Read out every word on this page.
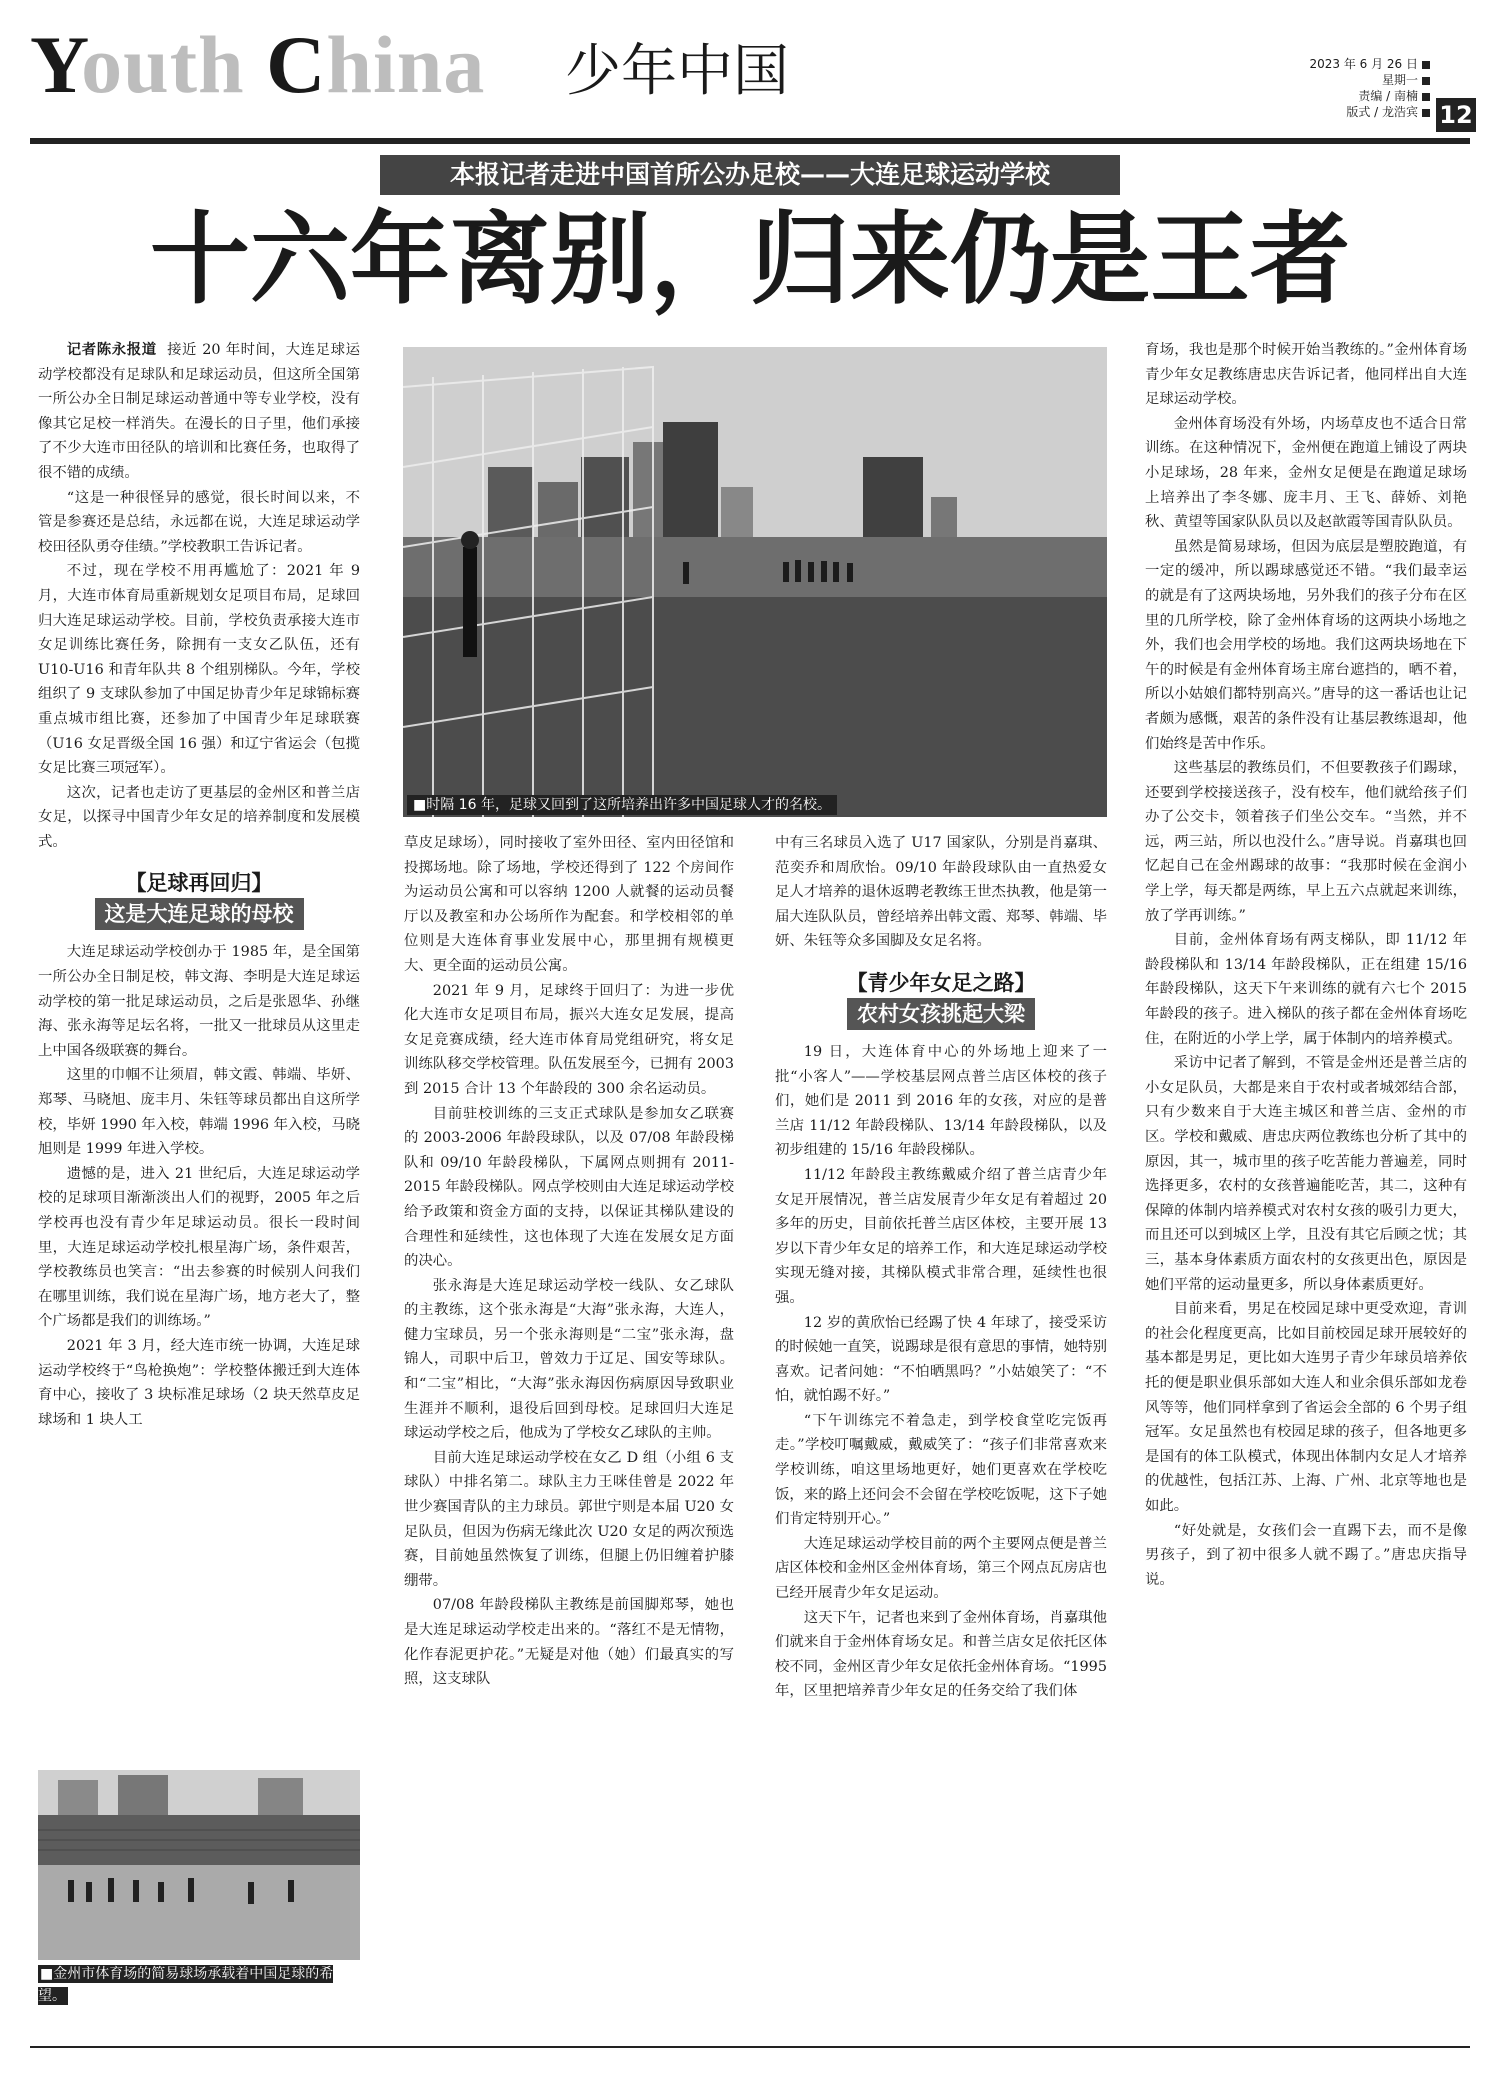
Youth China 少年中国	2023 年 6 月 26 日
星期一
责编 / 南楠
版式 / 龙浩宾 12
本报记者走进中国首所公办足校——大连足球运动学校
十六年离别，归来仍是王者

记者陈永报道 接近 20 年时间，大连足球运动学校都没有足球队和足球运动员，但这所全国第一所公办全日制足球运动普通中等专业学校，没有像其它足校一样消失。在漫长的日子里，他们承接了不少大连市田径队的培训和比赛任务，也取得了很不错的成绩。

“这是一种很怪异的感觉，很长时间以来，不管是参赛还是总结，永远都在说，大连足球运动学校田径队勇夺佳绩。”学校教职工告诉记者。

不过，现在学校不用再尴尬了：2021 年 9 月，大连市体育局重新规划女足项目布局，足球回归大连足球运动学校。目前，学校负责承接大连市女足训练比赛任务，除拥有一支女乙队伍，还有 U10-U16 和青年队共 8 个组别梯队。今年，学校组织了 9 支球队参加了中国足协青少年足球锦标赛重点城市组比赛，还参加了中国青少年足球联赛（U16 女足晋级全国 16 强）和辽宁省运会（包揽女足比赛三项冠军）。

这次，记者也走访了更基层的金州区和普兰店女足，以探寻中国青少年女足的培养制度和发展模式。

【足球再回归】
这是大连足球的母校

大连足球运动学校创办于 1985 年，是全国第一所公办全日制足校，韩文海、李明是大连足球运动学校的第一批足球运动员，之后是张恩华、孙继海、张永海等足坛名将，一批又一批球员从这里走上中国各级联赛的舞台。

这里的巾帼不让须眉，韩文霞、韩端、毕妍、郑琴、马晓旭、庞丰月、朱钰等球员都出自这所学校，毕妍 1990 年入校，韩端 1996 年入校，马晓旭则是 1999 年进入学校。

遗憾的是，进入 21 世纪后，大连足球运动学校的足球项目渐渐淡出人们的视野，2005 年之后学校再也没有青少年足球运动员。很长一段时间里，大连足球运动学校扎根星海广场，条件艰苦，学校教练员也笑言：“出去参赛的时候别人问我们在哪里训练，我们说在星海广场，地方老大了，整个广场都是我们的训练场。”

2021 年 3 月，经大连市统一协调，大连足球运动学校终于“鸟枪换炮”：学校整体搬迁到大连体育中心，接收了 3 块标准足球场（2 块天然草皮足球场和 1 块人工

■时隔 16 年，足球又回到了这所培养出许多中国足球人才的名校。

草皮足球场），同时接收了室外田径、室内田径馆和投掷场地。除了场地，学校还得到了 122 个房间作为运动员公寓和可以容纳 1200 人就餐的运动员餐厅以及教室和办公场所作为配套。和学校相邻的单位则是大连体育事业发展中心，那里拥有规模更大、更全面的运动员公寓。

2021 年 9 月，足球终于回归了：为进一步优化大连市女足项目布局，振兴大连女足发展，提高女足竞赛成绩，经大连市体育局党组研究，将女足训练队移交学校管理。队伍发展至今，已拥有 2003 到 2015 合计 13 个年龄段的 300 余名运动员。

目前驻校训练的三支正式球队是参加女乙联赛的 2003-2006 年龄段球队，以及 07/08 年龄段梯队和 09/10 年龄段梯队，下属网点则拥有 2011-2015 年龄段梯队。网点学校则由大连足球运动学校给予政策和资金方面的支持，以保证其梯队建设的合理性和延续性，这也体现了大连在发展女足方面的决心。

张永海是大连足球运动学校一线队、女乙球队的主教练，这个张永海是“大海”张永海，大连人，健力宝球员，另一个张永海则是“二宝”张永海，盘锦人，司职中后卫，曾效力于辽足、国安等球队。和“二宝”相比，“大海”张永海因伤病原因导致职业生涯并不顺利，退役后回到母校。足球回归大连足球运动学校之后，他成为了学校女乙球队的主帅。

目前大连足球运动学校在女乙 D 组（小组 6 支球队）中排名第二。球队主力王咪佳曾是 2022 年世少赛国青队的主力球员。郭世宁则是本届 U20 女足队员，但因为伤病无缘此次 U20 女足的两次预选赛，目前她虽然恢复了训练，但腿上仍旧缠着护膝绷带。

07/08 年龄段梯队主教练是前国脚郑琴，她也是大连足球运动学校走出来的。“落红不是无情物，化作春泥更护花。”无疑是对他（她）们最真实的写照，这支球队

中有三名球员入选了 U17 国家队，分别是肖嘉琪、范奕乔和周欣怡。09/10 年龄段球队由一直热爱女足人才培养的退休返聘老教练王世杰执教，他是第一届大连队队员，曾经培养出韩文霞、郑琴、韩端、毕妍、朱钰等众多国脚及女足名将。

【青少年女足之路】
农村女孩挑起大梁

19 日，大连体育中心的外场地上迎来了一批“小客人”——学校基层网点普兰店区体校的孩子们，她们是 2011 到 2016 年的女孩，对应的是普兰店 11/12 年龄段梯队、13/14 年龄段梯队，以及初步组建的 15/16 年龄段梯队。

11/12 年龄段主教练戴威介绍了普兰店青少年女足开展情况，普兰店发展青少年女足有着超过 20 多年的历史，目前依托普兰店区体校，主要开展 13 岁以下青少年女足的培养工作，和大连足球运动学校实现无缝对接，其梯队模式非常合理，延续性也很强。

12 岁的黄欣怡已经踢了快 4 年球了，接受采访的时候她一直笑，说踢球是很有意思的事情，她特别喜欢。记者问她：“不怕晒黑吗？”小姑娘笑了：“不怕，就怕踢不好。”

“下午训练完不着急走，到学校食堂吃完饭再走。”学校叮嘱戴威，戴威笑了：“孩子们非常喜欢来学校训练，咱这里场地更好，她们更喜欢在学校吃饭，来的路上还问会不会留在学校吃饭呢，这下子她们肯定特别开心。”

大连足球运动学校目前的两个主要网点便是普兰店区体校和金州区金州体育场，第三个网点瓦房店也已经开展青少年女足运动。

这天下午，记者也来到了金州体育场，肖嘉琪他们就来自于金州体育场女足。和普兰店女足依托区体校不同，金州区青少年女足依托金州体育场。“1995 年，区里把培养青少年女足的任务交给了我们体

育场，我也是那个时候开始当教练的。”金州体育场青少年女足教练唐忠庆告诉记者，他同样出自大连足球运动学校。

金州体育场没有外场，内场草皮也不适合日常训练。在这种情况下，金州便在跑道上铺设了两块小足球场，28 年来，金州女足便是在跑道足球场上培养出了李冬娜、庞丰月、王飞、薛娇、刘艳秋、黄望等国家队队员以及赵歆霞等国青队队员。

虽然是简易球场，但因为底层是塑胶跑道，有一定的缓冲，所以踢球感觉还不错。“我们最幸运的就是有了这两块场地，另外我们的孩子分布在区里的几所学校，除了金州体育场的这两块小场地之外，我们也会用学校的场地。我们这两块场地在下午的时候是有金州体育场主席台遮挡的，晒不着，所以小姑娘们都特别高兴。”唐导的这一番话也让记者颇为感慨，艰苦的条件没有让基层教练退却，他们始终是苦中作乐。

这些基层的教练员们，不但要教孩子们踢球，还要到学校接送孩子，没有校车，他们就给孩子们办了公交卡，领着孩子们坐公交车。“当然，并不远，两三站，所以也没什么。”唐导说。肖嘉琪也回忆起自己在金州踢球的故事：“我那时候在金润小学上学，每天都是两练，早上五六点就起来训练，放了学再训练。”

目前，金州体育场有两支梯队，即 11/12 年龄段梯队和 13/14 年龄段梯队，正在组建 15/16 年龄段梯队，这天下午来训练的就有六七个 2015 年龄段的孩子。进入梯队的孩子都在金州体育场吃住，在附近的小学上学，属于体制内的培养模式。

采访中记者了解到，不管是金州还是普兰店的小女足队员，大都是来自于农村或者城郊结合部，只有少数来自于大连主城区和普兰店、金州的市区。学校和戴威、唐忠庆两位教练也分析了其中的原因，其一，城市里的孩子吃苦能力普遍差，同时选择更多，农村的女孩普遍能吃苦，其二，这种有保障的体制内培养模式对农村女孩的吸引力更大，而且还可以到城区上学，且没有其它后顾之忧；其三，基本身体素质方面农村的女孩更出色，原因是她们平常的运动量更多，所以身体素质更好。

目前来看，男足在校园足球中更受欢迎，青训的社会化程度更高，比如目前校园足球开展较好的基本都是男足，更比如大连男子青少年球员培养依托的便是职业俱乐部如大连人和业余俱乐部如龙卷风等等，他们同样拿到了省运会全部的 6 个男子组冠军。女足虽然也有校园足球的孩子，但各地更多是国有的体工队模式，体现出体制内女足人才培养的优越性，包括江苏、上海、广州、北京等地也是如此。

“好处就是，女孩们会一直踢下去，而不是像男孩子，到了初中很多人就不踢了。”唐忠庆指导说。

■金州市体育场的简易球场承载着中国足球的希望。
